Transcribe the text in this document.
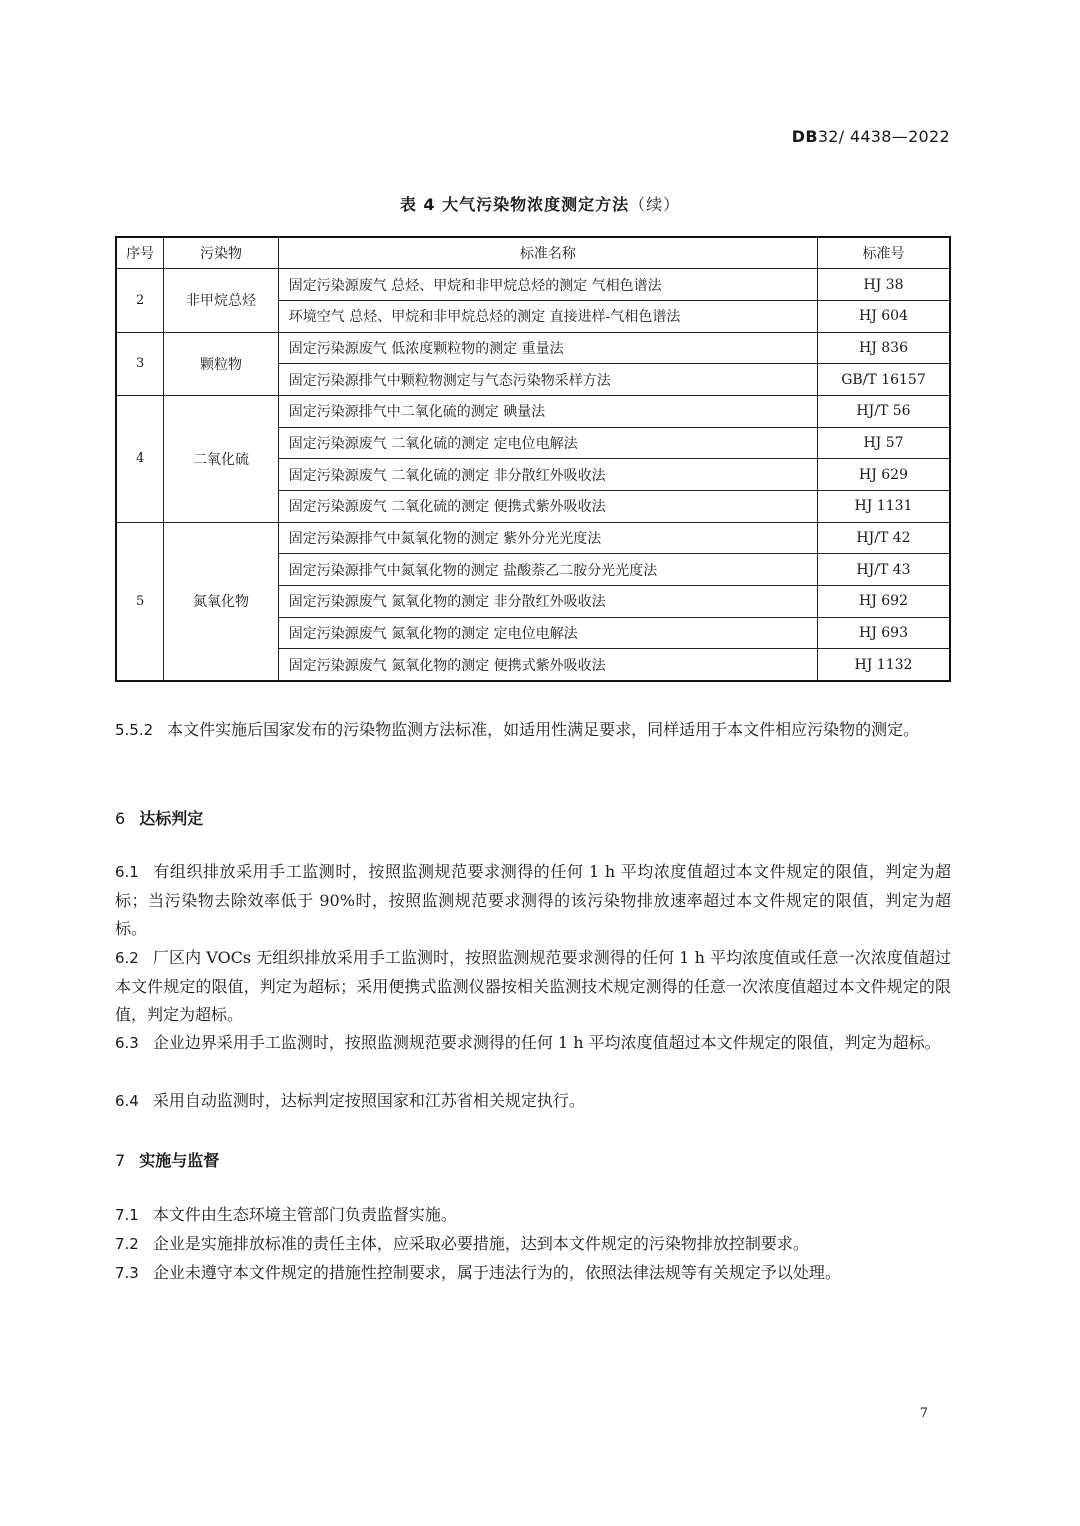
DB32/ 4438—2022
表 4 大气污染物浓度测定方法（续）
序号	污染物	标准名称	标准号
2	非甲烷总烃	固定污染源废气 总烃、甲烷和非甲烷总烃的测定 气相色谱法	HJ 38
		环境空气 总烃、甲烷和非甲烷总烃的测定 直接进样-气相色谱法	HJ 604
3	颗粒物	固定污染源废气 低浓度颗粒物的测定 重量法	HJ 836
		固定污染源排气中颗粒物测定与气态污染物采样方法	GB/T 16157
4	二氧化硫	固定污染源排气中二氧化硫的测定 碘量法	HJ/T 56
		固定污染源废气 二氧化硫的测定 定电位电解法	HJ 57
		固定污染源废气 二氧化硫的测定 非分散红外吸收法	HJ 629
		固定污染源废气 二氧化硫的测定 便携式紫外吸收法	HJ 1131
5	氮氧化物	固定污染源排气中氮氧化物的测定 紫外分光光度法	HJ/T 42
		固定污染源排气中氮氧化物的测定 盐酸萘乙二胺分光光度法	HJ/T 43
		固定污染源废气 氮氧化物的测定 非分散红外吸收法	HJ 692
		固定污染源废气 氮氧化物的测定 定电位电解法	HJ 693
		固定污染源废气 氮氧化物的测定 便携式紫外吸收法	HJ 1132
5.5.2 本文件实施后国家发布的污染物监测方法标准，如适用性满足要求，同样适用于本文件相应污染物的测定。
6 达标判定
6.1 有组织排放采用手工监测时，按照监测规范要求测得的任何 1 h 平均浓度值超过本文件规定的限值，判定为超标；当污染物去除效率低于 90%时，按照监测规范要求测得的该污染物排放速率超过本文件规定的限值，判定为超标。
6.2 厂区内 VOCs 无组织排放采用手工监测时，按照监测规范要求测得的任何 1 h 平均浓度值或任意一次浓度值超过本文件规定的限值，判定为超标；采用便携式监测仪器按相关监测技术规定测得的任意一次浓度值超过本文件规定的限值，判定为超标。
6.3 企业边界采用手工监测时，按照监测规范要求测得的任何 1 h 平均浓度值超过本文件规定的限值，判定为超标。
6.4 采用自动监测时，达标判定按照国家和江苏省相关规定执行。
7 实施与监督
7.1 本文件由生态环境主管部门负责监督实施。
7.2 企业是实施排放标准的责任主体，应采取必要措施，达到本文件规定的污染物排放控制要求。
7.3 企业未遵守本文件规定的措施性控制要求，属于违法行为的，依照法律法规等有关规定予以处理。
7
